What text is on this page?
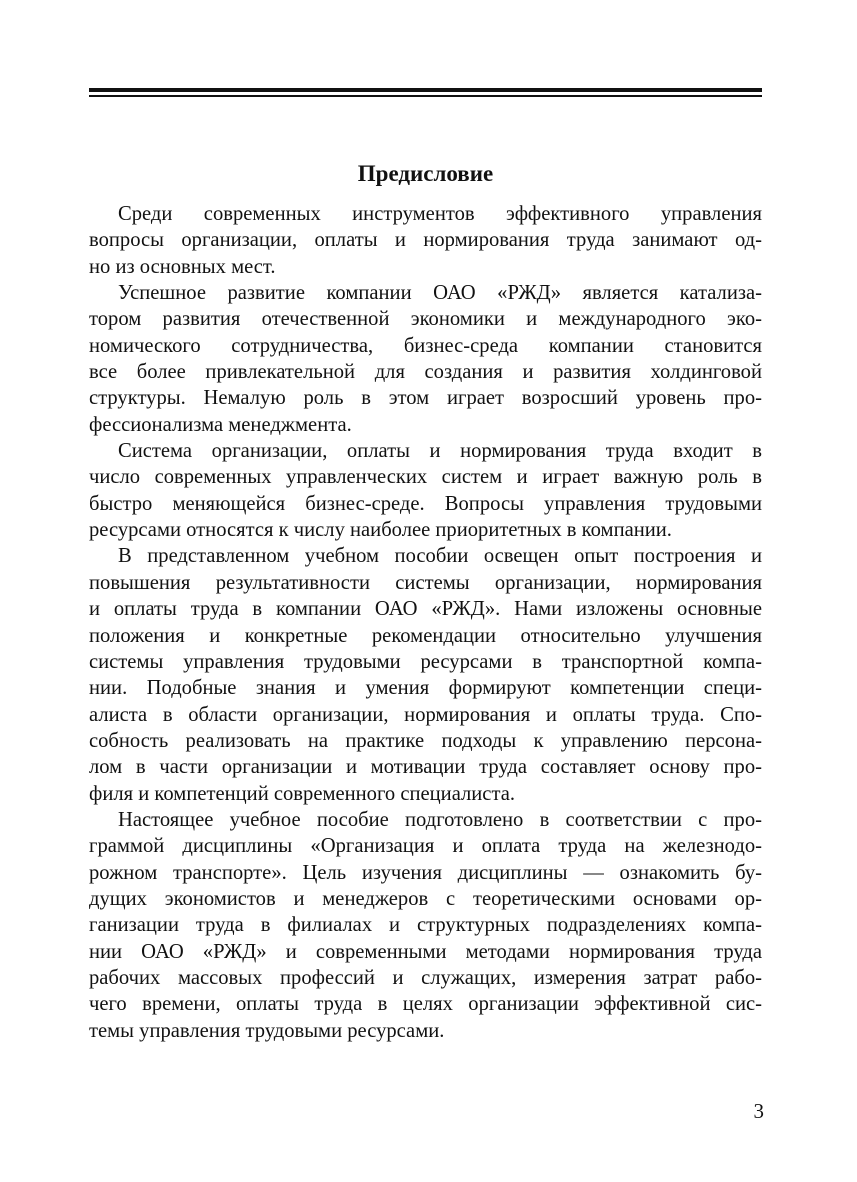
Предисловие

Среди современных инструментов эффективного управления
вопросы организации, оплаты и нормирования труда занимают од-
но из основных мест.

Успешное развитие компании ОАО «РЖД» является катализа-
тором развития отечественной экономики и международного эко-
номического сотрудничества, бизнес-среда компании становится
все более привлекательной для создания и развития холдинговой
структуры. Немалую роль в этом играет возросший уровень про-
фессионализма менеджмента.

Система организации, оплаты и нормирования труда входит в
число современных управленческих систем и играет важную роль в
быстро меняющейся бизнес-среде. Вопросы управления трудовыми
ресурсами относятся к числу наиболее приоритетных в компании.

В представленном учебном пособии освещен опыт построения и
повышения результативности системы организации, нормирования
и оплаты труда в компании ОАО «РЖД». Нами изложены основные
положения и конкретные рекомендации относительно улучшения
системы управления трудовыми ресурсами в транспортной компа-
нии. Подобные знания и умения формируют компетенции специ-
алиста в области организации, нормирования и оплаты труда. Спо-
собность реализовать на практике подходы к управлению персона-
лом в части организации и мотивации труда составляет основу про-
филя и компетенций современного специалиста.

Настоящее учебное пособие подготовлено в соответствии с про-
граммой дисциплины «Организация и оплата труда на железнодо-
рожном транспорте». Цель изучения дисциплины — ознакомить бу-
дущих экономистов и менеджеров с теоретическими основами ор-
ганизации труда в филиалах и структурных подразделениях компа-
нии ОАО «РЖД» и современными методами нормирования труда
рабочих массовых профессий и служащих, измерения затрат рабо-
чего времени, оплаты труда в целях организации эффективной сис-
темы управления трудовыми ресурсами.

3
